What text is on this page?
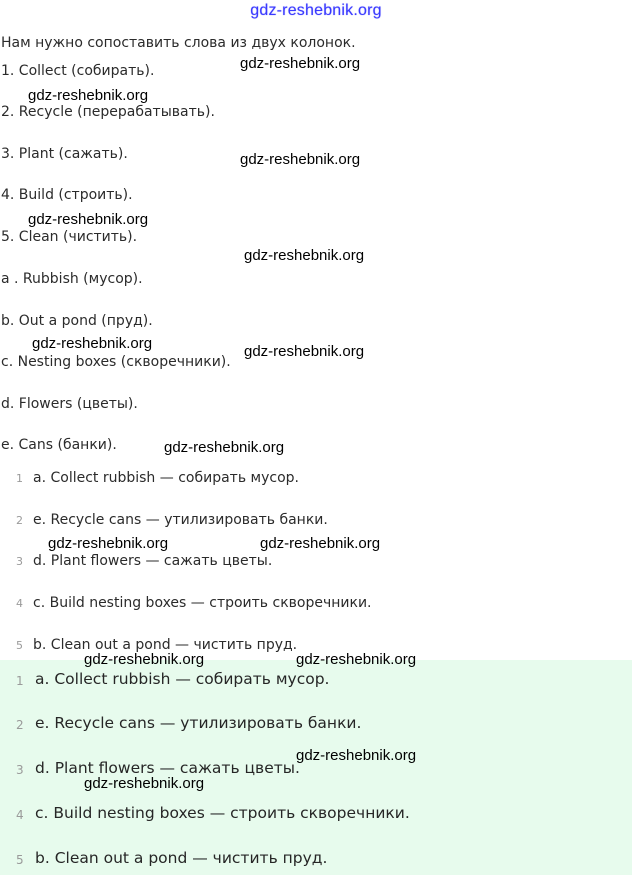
gdz-reshebnik.org
Нам нужно сопоставить слова из двух колонок.
1. Collect (собирать).
2. Recycle (перерабатывать).
3. Plant (сажать).
4. Build (строить).
5. Clean (чистить).
a . Rubbish (мусор).
b. Out a pond (пруд).
c. Nesting boxes (скворечники).
d. Flowers (цветы).
e. Cans (банки).
1 a. Collect rubbish — собирать мусор.
2 e. Recycle cans — утилизировать банки.
3 d. Plant flowers — сажать цветы.
4 c. Build nesting boxes — строить скворечники.
5 b. Clean out a pond — чистить пруд.
1 a. Collect rubbish — собирать мусор.
2 e. Recycle cans — утилизировать банки.
3 d. Plant flowers — сажать цветы.
4 c. Build nesting boxes — строить скворечники.
5 b. Clean out a pond — чистить пруд.
gdz-reshebnik.org
gdz-reshebnik.org
gdz-reshebnik.org
gdz-reshebnik.org
gdz-reshebnik.org
gdz-reshebnik.org	gdz-reshebnik.org
gdz-reshebnik.org
gdz-reshebnik.org	gdz-reshebnik.org
gdz-reshebnik.org	gdz-reshebnik.org
gdz-reshebnik.org
gdz-reshebnik.org
